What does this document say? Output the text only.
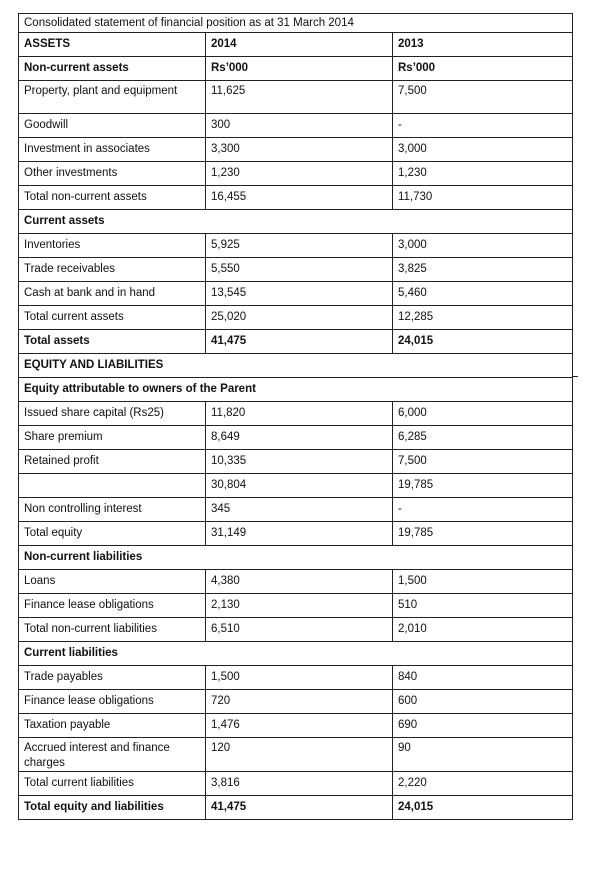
Consolidated statement of financial position as at 31 March 2014		
ASSETS	2014	2013
Non-current assets	Rs’000	Rs’000
Property, plant and equipment	11,625	7,500
Goodwill	300	-
Investment in associates	3,300	3,000
Other investments	1,230	1,230
Total non-current assets	16,455	11,730
Current assets		
Inventories	5,925	3,000
Trade receivables	5,550	3,825
Cash at bank and in hand	13,545	5,460
Total current assets	25,020	12,285
Total assets	41,475	24,015
EQUITY AND LIABILITIES		
Equity attributable to owners of the Parent		
Issued share capital (Rs25)	11,820	6,000
Share premium	8,649	6,285
Retained profit	10,335	7,500
	30,804	19,785
Non controlling interest	345	-
Total equity	31,149	19,785
Non-current liabilities		
Loans	4,380	1,500
Finance lease obligations	2,130	510
Total non-current liabilities	6,510	2,010
Current liabilities		
Trade payables	1,500	840
Finance lease obligations	720	600
Taxation payable	1,476	690
Accrued interest and finance charges	120	90
Total current liabilities	3,816	2,220
Total equity and liabilities	41,475	24,015
